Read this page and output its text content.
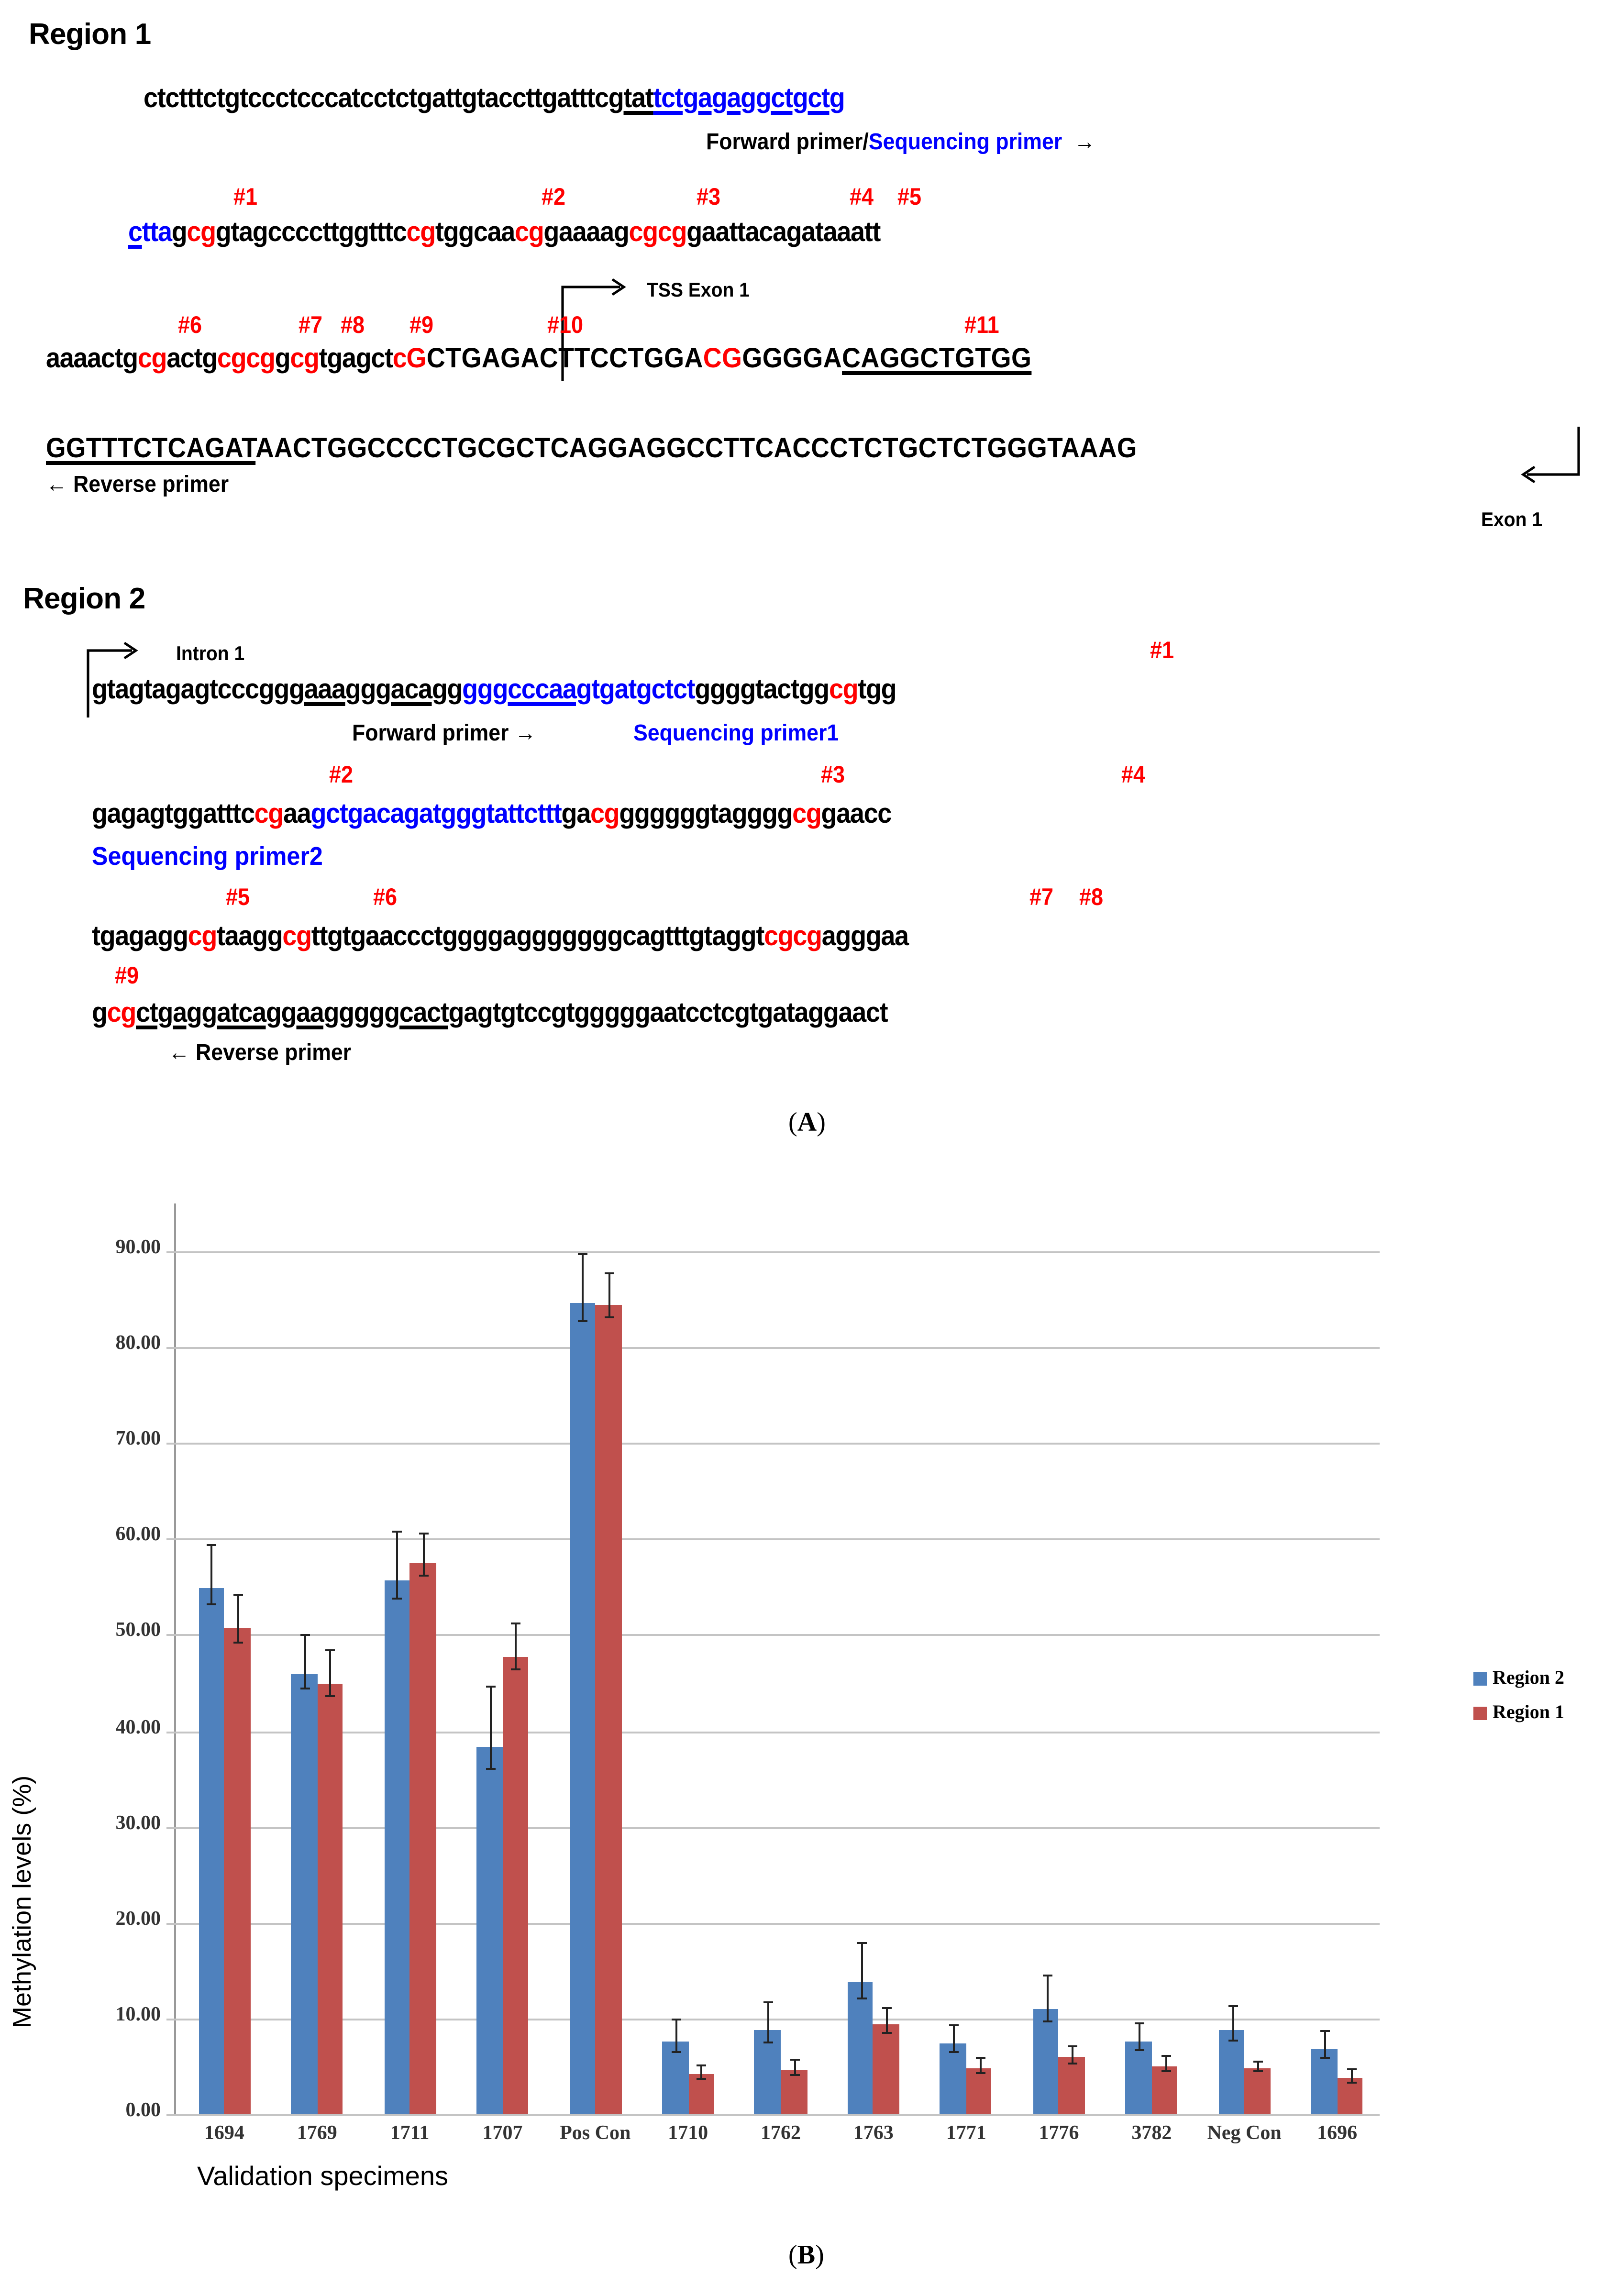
Region 1
ctctttctgtccctcccatcctctgattgtaccttgatttcgtattctgagaggctgctg
Forward primer/Sequencing primer →
#1	#2	#3	#4	#5
cttagcggtagccccttggtttccgtggcaacggaaaagcgcggaattacagataaatt
TSS Exon 1
#6	#7	#8	#9	#10	#11
aaaactgcgactgcgcggcgtgagctcGCTGAGACTTCCTGGACGGGGGACAGGCTGTGG
GGTTTCTCAGATAACTGGCCCCTGCGCTCAGGAGGCCTTCACCCTCTGCTCTGGGTAAAG
← Reverse primer
Exon 1
Region 2
Intron 1	#1
gtagtagagtcccgggaaagggacagggggcccaagtgatgctctggggtactggcgtgg
Forward primer →	Sequencing primer1
#2	#3	#4
gagagtggatttccgaagctgacagatgggtattctttgacgggggggtaggggcggaacc
Sequencing primer2
#5	#6	#7	#8
tgagaggcgtaaggcgttgtgaaccctggggagggggggcagtttgtaggtcgcgagggaa
#9
gcgctgaggatcaggaagggggcactgagtgtccgtgggggaatcctcgtgataggaact
← Reverse primer
(A)
Methylation levels (%)
0.00
10.00
20.00
30.00
40.00
50.00
60.00
70.00
80.00
90.00
1694	1769	1711	1707	Pos Con	1710	1762	1763	1771	1776	3782	Neg Con	1696
Validation specimens
Region 2
Region 1
(B)
